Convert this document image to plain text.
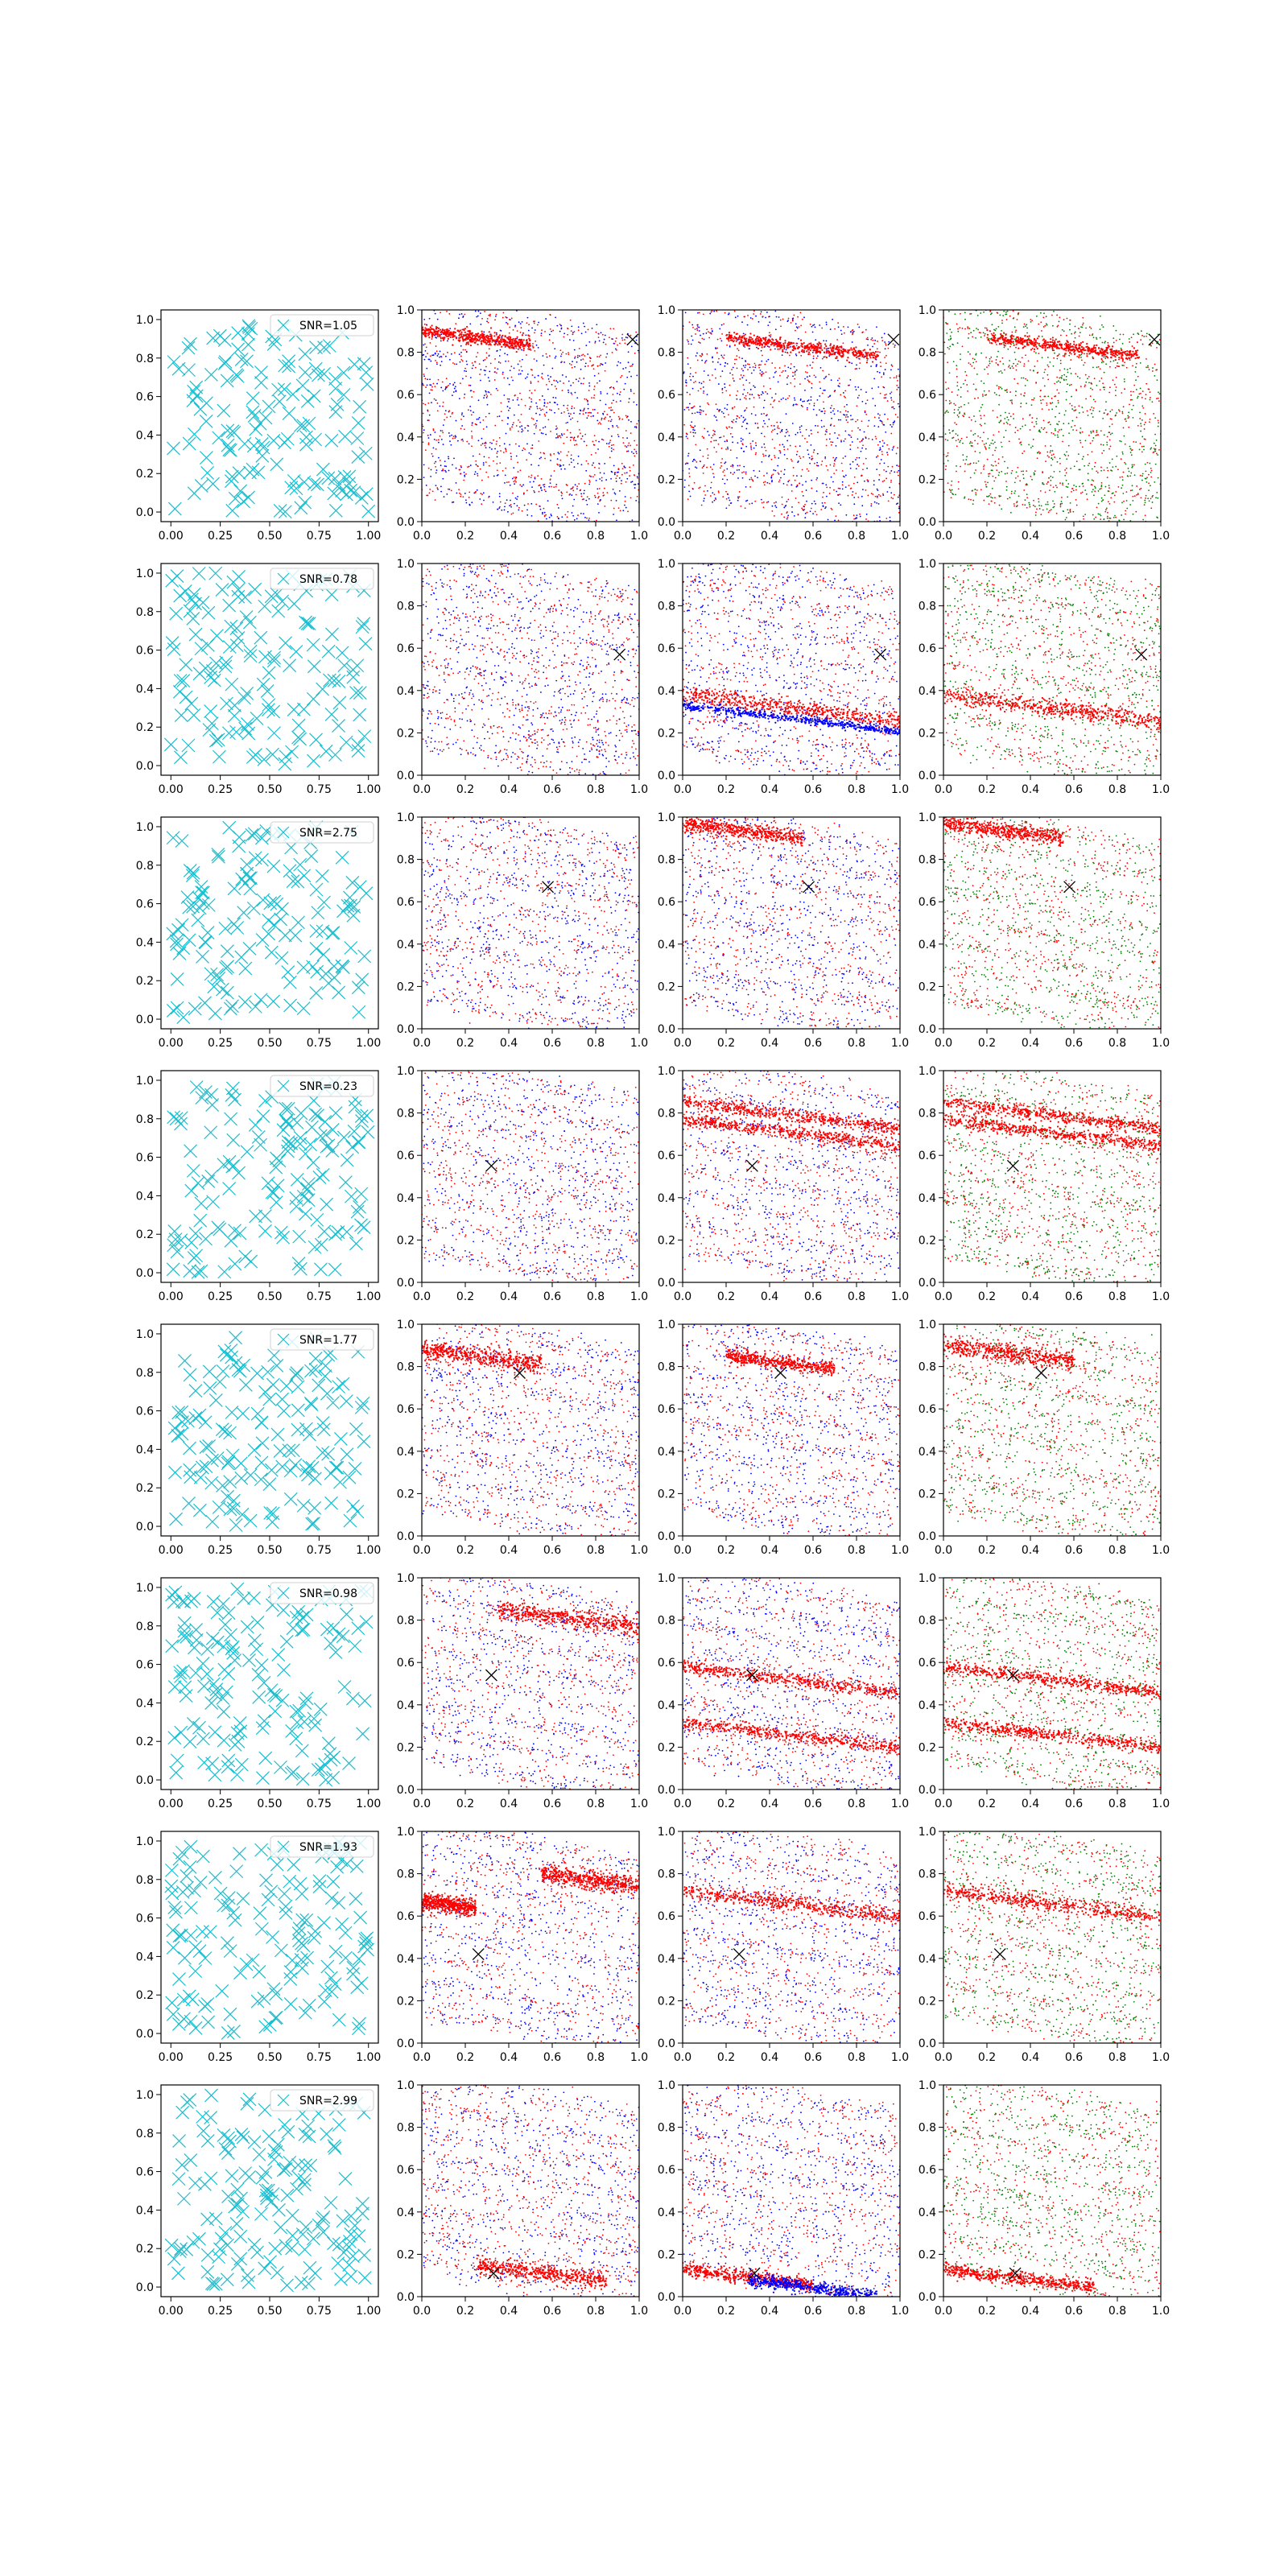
0.00 0.25 0.50 0.75 1.00
0.0
0.2
0.4
0.6
0.8
1.0	SNR=1.05
0.0 0.2 0.4 0.6 0.8 1.0
0.0
0.2
0.4
0.6
0.8
1.0
0.0 0.2 0.4 0.6 0.8 1.0
0.0
0.2
0.4
0.6
0.8
1.0
0.0 0.2 0.4 0.6 0.8 1.0
0.0
0.2
0.4
0.6
0.8
1.0
0.00 0.25 0.50 0.75 1.00
0.0
0.2
0.4
0.6
0.8
1.0	SNR=0.78
0.0 0.2 0.4 0.6 0.8 1.0
0.0
0.2
0.4
0.6
0.8
1.0
0.0 0.2 0.4 0.6 0.8 1.0
0.0
0.2
0.4
0.6
0.8
1.0
0.0 0.2 0.4 0.6 0.8 1.0
0.0
0.2
0.4
0.6
0.8
1.0
0.00 0.25 0.50 0.75 1.00
0.0
0.2
0.4
0.6
0.8
1.0	SNR=2.75
0.0 0.2 0.4 0.6 0.8 1.0
0.0
0.2
0.4
0.6
0.8
1.0
0.0 0.2 0.4 0.6 0.8 1.0
0.0
0.2
0.4
0.6
0.8
1.0
0.0 0.2 0.4 0.6 0.8 1.0
0.0
0.2
0.4
0.6
0.8
1.0
0.00 0.25 0.50 0.75 1.00
0.0
0.2
0.4
0.6
0.8
1.0	SNR=0.23
0.0 0.2 0.4 0.6 0.8 1.0
0.0
0.2
0.4
0.6
0.8
1.0
0.0 0.2 0.4 0.6 0.8 1.0
0.0
0.2
0.4
0.6
0.8
1.0
0.0 0.2 0.4 0.6 0.8 1.0
0.0
0.2
0.4
0.6
0.8
1.0
0.00 0.25 0.50 0.75 1.00
0.0
0.2
0.4
0.6
0.8
1.0	SNR=1.77
0.0 0.2 0.4 0.6 0.8 1.0
0.0
0.2
0.4
0.6
0.8
1.0
0.0 0.2 0.4 0.6 0.8 1.0
0.0
0.2
0.4
0.6
0.8
1.0
0.0 0.2 0.4 0.6 0.8 1.0
0.0
0.2
0.4
0.6
0.8
1.0
0.00 0.25 0.50 0.75 1.00
0.0
0.2
0.4
0.6
0.8
1.0	SNR=0.98
0.0 0.2 0.4 0.6 0.8 1.0
0.0
0.2
0.4
0.6
0.8
1.0
0.0 0.2 0.4 0.6 0.8 1.0
0.0
0.2
0.4
0.6
0.8
1.0
0.0 0.2 0.4 0.6 0.8 1.0
0.0
0.2
0.4
0.6
0.8
1.0
0.00 0.25 0.50 0.75 1.00
0.0
0.2
0.4
0.6
0.8
1.0	SNR=1.93
0.0 0.2 0.4 0.6 0.8 1.0
0.0
0.2
0.4
0.6
0.8
1.0
0.0 0.2 0.4 0.6 0.8 1.0
0.0
0.2
0.4
0.6
0.8
1.0
0.0 0.2 0.4 0.6 0.8 1.0
0.0
0.2
0.4
0.6
0.8
1.0
0.00 0.25 0.50 0.75 1.00
0.0
0.2
0.4
0.6
0.8
1.0	SNR=2.99
0.0 0.2 0.4 0.6 0.8 1.0
0.0
0.2
0.4
0.6
0.8
1.0
0.0 0.2 0.4 0.6 0.8 1.0
0.0
0.2
0.4
0.6
0.8
1.0
0.0 0.2 0.4 0.6 0.8 1.0
0.0
0.2
0.4
0.6
0.8
1.0
